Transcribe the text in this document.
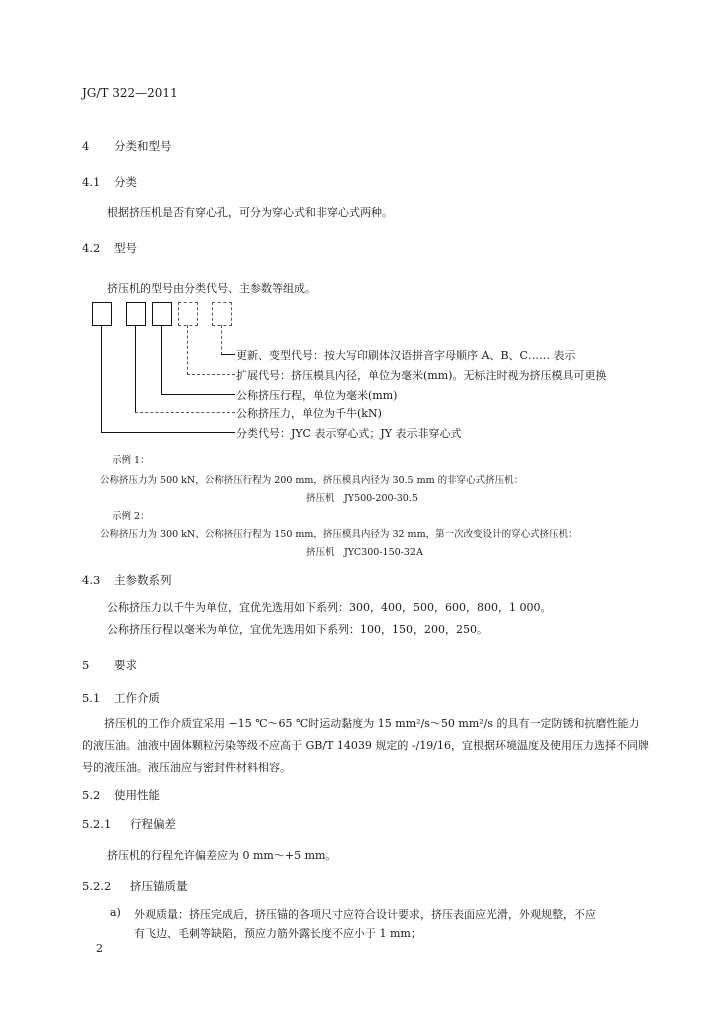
JG/T 322—2011
4 分类和型号
4.1 分类
根据挤压机是否有穿心孔，可分为穿心式和非穿心式两种。
4.2 型号
挤压机的型号由分类代号、主参数等组成。
更新、变型代号：按大写印刷体汉语拼音字母顺序 A、B、C…… 表示
扩展代号：挤压模具内径，单位为毫米(mm)。无标注时视为挤压模具可更换
公称挤压行程，单位为毫米(mm)
公称挤压力，单位为千牛(kN)
分类代号：JYC 表示穿心式；JY 表示非穿心式
示例 1：
公称挤压力为 500 kN，公称挤压行程为 200 mm，挤压模具内径为 30.5 mm 的非穿心式挤压机：
挤压机　JY500-200-30.5
示例 2：
公称挤压力为 300 kN、公称挤压行程为 150 mm，挤压模具内径为 32 mm，第一次改变设计的穿心式挤压机：
挤压机　JYC300-150-32A
4.3 主参数系列
公称挤压力以千牛为单位，宜优先选用如下系列：300，400，500，600，800，1 000。
公称挤压行程以毫米为单位，宜优先选用如下系列：100，150，200，250。
5 要求
5.1 工作介质
挤压机的工作介质宜采用 −15 ℃～65 ℃时运动黏度为 15 mm²/s～50 mm²/s 的具有一定防锈和抗磨性能力的液压油。油液中固体颗粒污染等级不应高于 GB/T 14039 规定的 -/19/16，宜根据环境温度及使用压力选择不同牌号的液压油。液压油应与密封件材料相容。
5.2 使用性能
5.2.1 行程偏差
挤压机的行程允许偏差应为 0 mm～+5 mm。
5.2.2 挤压锚质量
a) 外观质量：挤压完成后，挤压锚的各项尺寸应符合设计要求，挤压表面应光滑，外观规整，不应
有飞边、毛刺等缺陷，预应力筋外露长度不应小于 1 mm；
2
